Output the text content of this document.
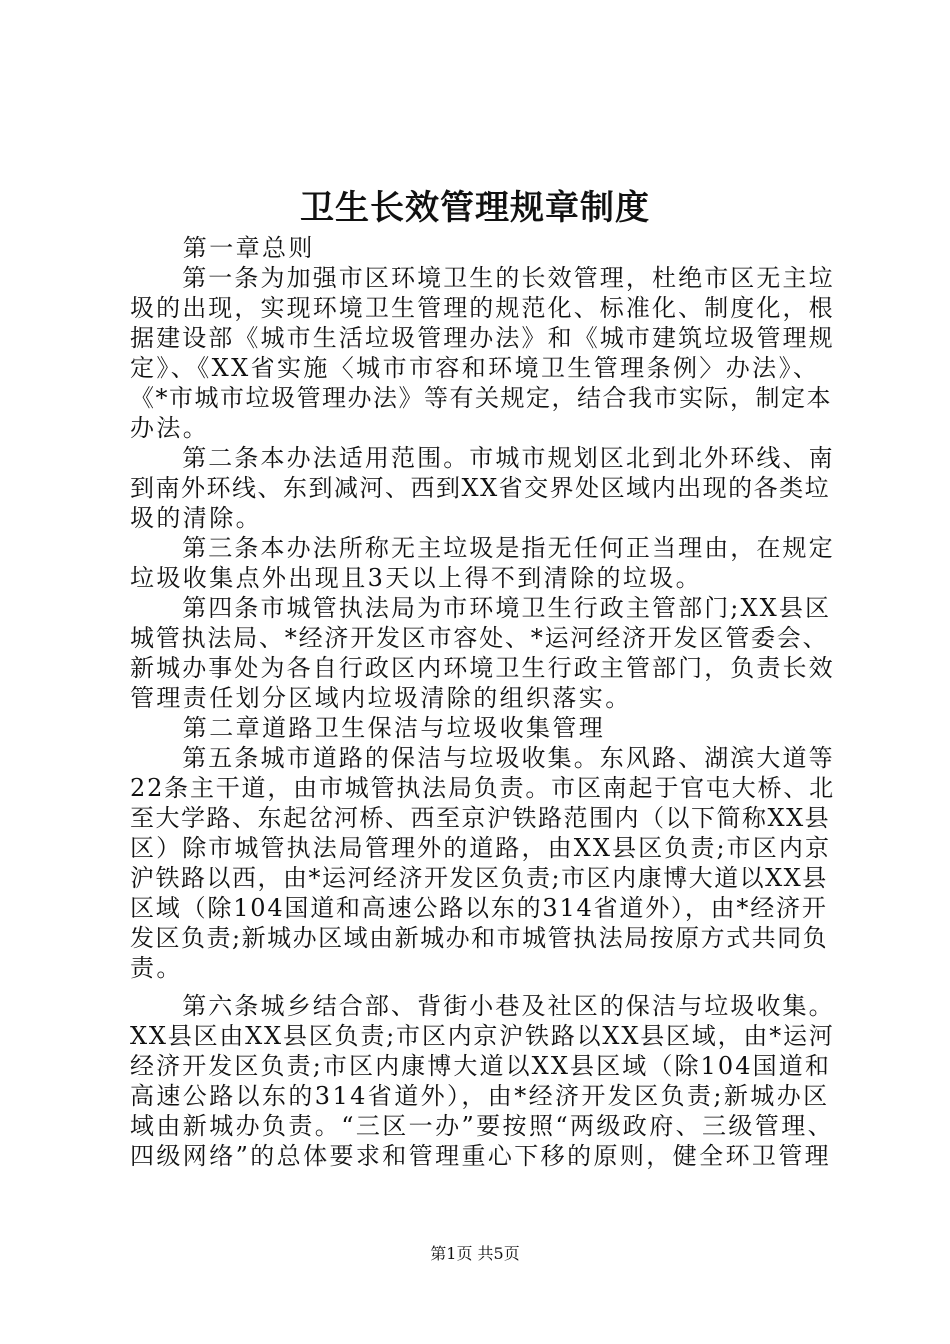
卫生长效管理规章制度
　　第一章总则
　　第一条为加强市区环境卫生的长效管理，杜绝市区无主垃
圾的出现，实现环境卫生管理的规范化、标准化、制度化，根
据建设部《城市生活垃圾管理办法》和《城市建筑垃圾管理规
定》、《XX省实施〈城市市容和环境卫生管理条例〉办法》、
《*市城市垃圾管理办法》等有关规定，结合我市实际，制定本
办法。
　　第二条本办法适用范围。市城市规划区北到北外环线、南
到南外环线、东到减河、西到XX省交界处区域内出现的各类垃
圾的清除。
　　第三条本办法所称无主垃圾是指无任何正当理由，在规定
垃圾收集点外出现且3天以上得不到清除的垃圾。
　　第四条市城管执法局为市环境卫生行政主管部门;XX县区
城管执法局、*经济开发区市容处、*运河经济开发区管委会、
新城办事处为各自行政区内环境卫生行政主管部门，负责长效
管理责任划分区域内垃圾清除的组织落实。
　　第二章道路卫生保洁与垃圾收集管理
　　第五条城市道路的保洁与垃圾收集。东风路、湖滨大道等
22条主干道，由市城管执法局负责。市区南起于官屯大桥、北
至大学路、东起岔河桥、西至京沪铁路范围内（以下简称XX县
区）除市城管执法局管理外的道路，由XX县区负责;市区内京
沪铁路以西，由*运河经济开发区负责;市区内康博大道以XX县
区域（除104国道和高速公路以东的314省道外），由*经济开
发区负责;新城办区域由新城办和市城管执法局按原方式共同负
责。
　　第六条城乡结合部、背街小巷及社区的保洁与垃圾收集。
XX县区由XX县区负责;市区内京沪铁路以XX县区域，由*运河
经济开发区负责;市区内康博大道以XX县区域（除104国道和
高速公路以东的314省道外），由*经济开发区负责;新城办区
域由新城办负责。“三区一办”要按照“两级政府、三级管理、
四级网络”的总体要求和管理重心下移的原则，健全环卫管理
第1页 共5页
